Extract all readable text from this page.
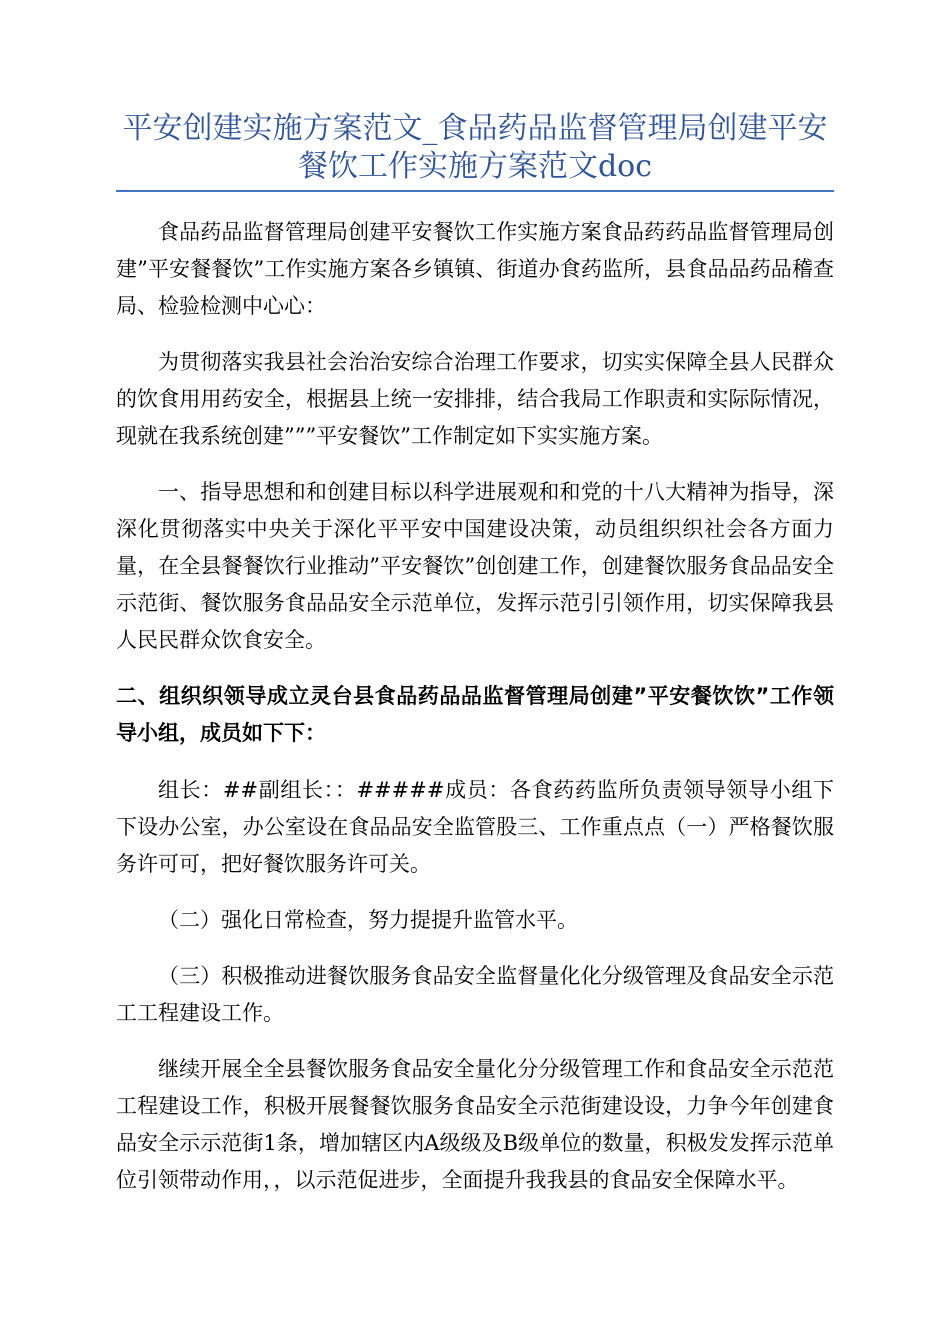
平安创建实施方案范文_食品药品监督管理局创建平安餐饮工作实施方案范文doc

食品药品监督管理局创建平安餐饮工作实施方案食品药药品监督管理局创建”平安餐餐饮”工作实施方案各乡镇镇、街道办食药监所，县食品品药品稽查局、检验检测中心心：

为贯彻落实我县社会治治安综合治理工作要求，切实实保障全县人民群众的饮食用用药安全，根据县上统一安排排，结合我局工作职责和实际际情况，现就在我系统创建”””平安餐饮”工作制定如下实实施方案。

一、指导思想和和创建目标以科学进展观和和党的十八大精神为指导，深深化贯彻落实中央关于深化平平安中国建设决策，动员组织织社会各方面力量，在全县餐餐饮行业推动”平安餐饮”创创建工作，创建餐饮服务食品品安全示范街、餐饮服务食品品安全示范单位，发挥示范引引领作用，切实保障我县人民民群众饮食安全。

二、组织织领导成立灵台县食品药品品监督管理局创建”平安餐饮饮”工作领导小组，成员如下下：

组长：##副组长：：#####成员：各食药药监所负责领导领导小组下下设办公室，办公室设在食品品安全监管股三、工作重点点（一）严格餐饮服务许可可，把好餐饮服务许可关。

（二）强化日常检查，努力提提升监管水平。

（三）积极推动进餐饮服务食品安全监督量化化分级管理及食品安全示范工工程建设工作。

继续开展全全县餐饮服务食品安全量化分分级管理工作和食品安全示范范工程建设工作，积极开展餐餐饮服务食品安全示范街建设设，力争今年创建食品安全示示范街1条，增加辖区内A级级及B级单位的数量，积极发发挥示范单位引领带动作用，，以示范促进步，全面提升我我县的食品安全保障水平。
